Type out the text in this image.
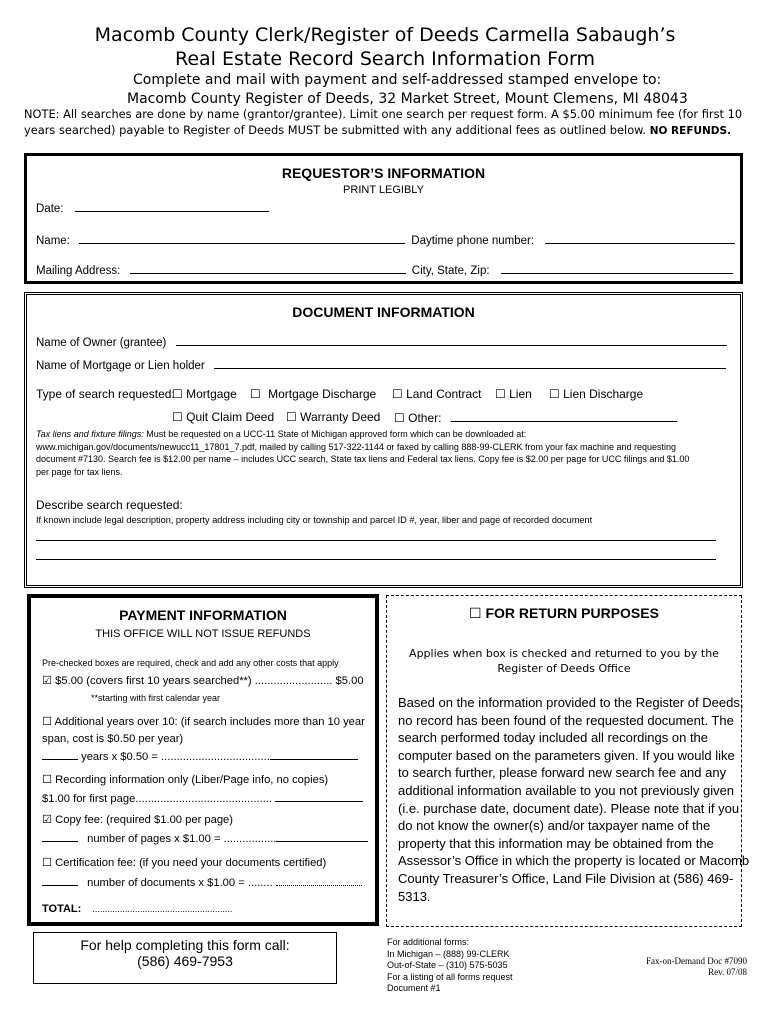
Macomb County Clerk/Register of Deeds Carmella Sabaugh’s
Real Estate Record Search Information Form
Complete and mail with payment and self-addressed stamped envelope to:
Macomb County Register of Deeds, 32 Market Street, Mount Clemens, MI 48043
NOTE: All searches are done by name (grantor/grantee). Limit one search per request form. A $5.00 minimum fee (for first 10
years searched) payable to Register of Deeds MUST be submitted with any additional fees as outlined below. NO REFUNDS.
REQUESTOR’S INFORMATION
PRINT LEGIBLY
Date:
Name:	Daytime phone number:
Mailing Address:	City, State, Zip:
DOCUMENT INFORMATION
Name of Owner (grantee)
Name of Mortgage or Lien holder
Type of search requested:
☐ Mortgage ☐ Mortgage Discharge ☐ Land Contract ☐ Lien ☐ Lien Discharge
☐ Quit Claim Deed ☐ Warranty Deed ☐ Other:
Tax liens and fixture filings: Must be requested on a UCC-11 State of Michigan approved form which can be downloaded at:
www.michigan.gov/documents/newucc11_17801_7.pdf, mailed by calling 517-322-1144 or faxed by calling 888-99-CLERK from your fax machine and requesting
document #7130. Search fee is $12.00 per name – includes UCC search, State tax liens and Federal tax liens. Copy fee is $2.00 per page for UCC filings and $1.00
per page for tax liens.
Describe search requested:
If known include legal description, property address including city or township and parcel ID #, year, liber and page of recorded document
PAYMENT INFORMATION
THIS OFFICE WILL NOT ISSUE REFUNDS
Pre-checked boxes are required, check and add any other costs that apply
☑ $5.00 (covers first 10 years searched**) ......................... $5.00
**starting with first calendar year
☐ Additional years over 10: (if search includes more than 10 year
span, cost is $0.50 per year)
years x $0.50 = ...................................
☐ Recording information only (Liber/Page info, no copies)
$1.00 for first page............................................
☑ Copy fee: (required $1.00 per page)
number of pages x $1.00 = .................
☐ Certification fee: (if you need your documents certified)
number of documents x $1.00 = ........
TOTAL: ........................................................
☐ FOR RETURN PURPOSES
Applies when box is checked and returned to you by the
Register of Deeds Office
Based on the information provided to the Register of Deeds,
no record has been found of the requested document. The
search performed today included all recordings on the
computer based on the parameters given. If you would like
to search further, please forward new search fee and any
additional information available to you not previously given
(i.e. purchase date, document date). Please note that if you
do not know the owner(s) and/or taxpayer name of the
property that this information may be obtained from the
Assessor’s Office in which the property is located or Macomb
County Treasurer’s Office, Land File Division at (586) 469-
5313.
For help completing this form call:
(586) 469-7953
For additional forms:
In Michigan – (888) 99-CLERK
Out-of-State – (310) 575-5035
For a listing of all forms request
Document #1
Fax-on-Demand Doc #7090
Rev. 07/08
